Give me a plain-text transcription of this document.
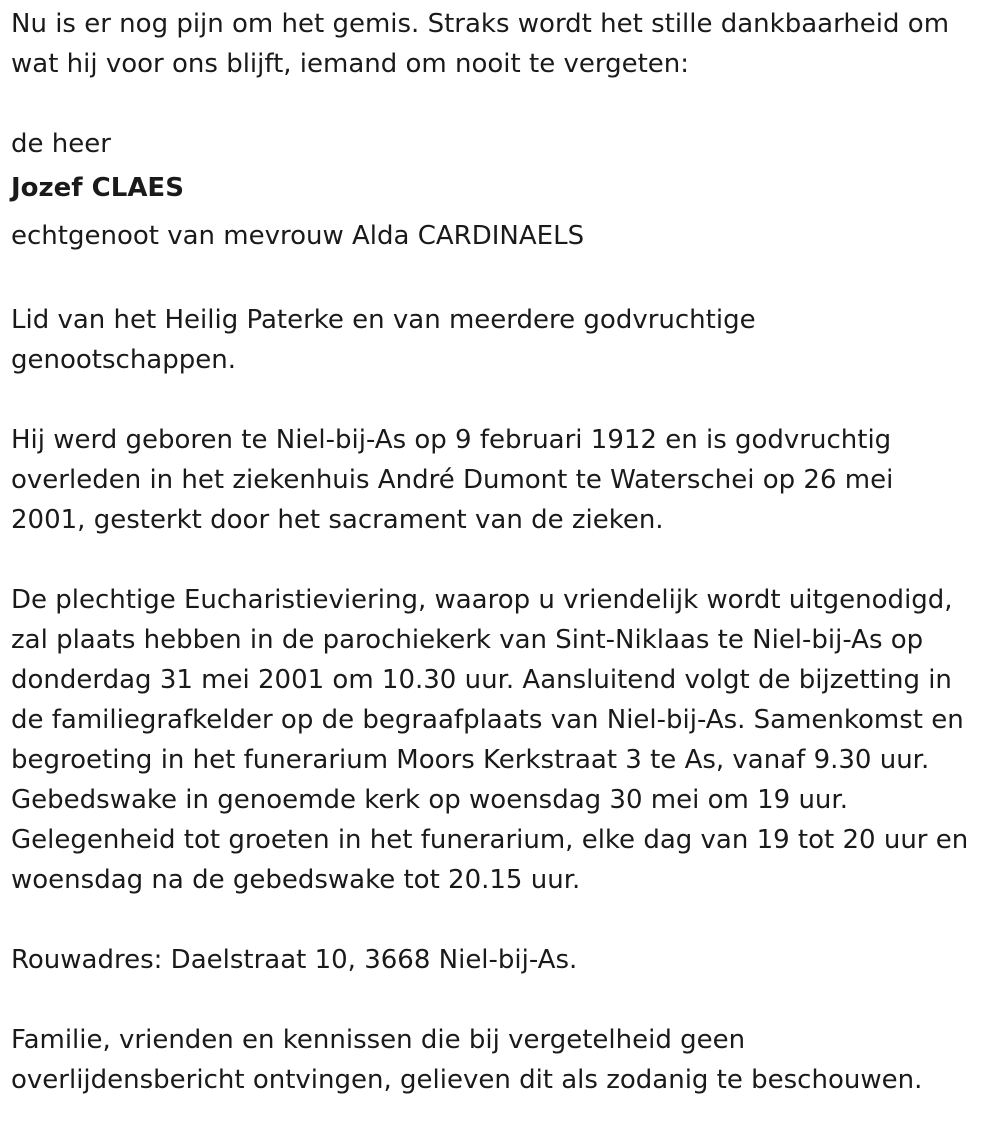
Nu is er nog pijn om het gemis. Straks wordt het stille dankbaarheid om
wat hij voor ons blijft, iemand om nooit te vergeten:
de heer
Jozef CLAES
echtgenoot van mevrouw Alda CARDINAELS
Lid van het Heilig Paterke en van meerdere godvruchtige
genootschappen.
Hij werd geboren te Niel-bij-As op 9 februari 1912 en is godvruchtig
overleden in het ziekenhuis André Dumont te Waterschei op 26 mei
2001, gesterkt door het sacrament van de zieken.
De plechtige Eucharistieviering, waarop u vriendelijk wordt uitgenodigd,
zal plaats hebben in de parochiekerk van Sint-Niklaas te Niel-bij-As op
donderdag 31 mei 2001 om 10.30 uur. Aansluitend volgt de bijzetting in
de familiegrafkelder op de begraafplaats van Niel-bij-As. Samenkomst en
begroeting in het funerarium Moors Kerkstraat 3 te As, vanaf 9.30 uur.
Gebedswake in genoemde kerk op woensdag 30 mei om 19 uur.
Gelegenheid tot groeten in het funerarium, elke dag van 19 tot 20 uur en
woensdag na de gebedswake tot 20.15 uur.
Rouwadres: Daelstraat 10, 3668 Niel-bij-As.
Familie, vrienden en kennissen die bij vergetelheid geen
overlijdensbericht ontvingen, gelieven dit als zodanig te beschouwen.
